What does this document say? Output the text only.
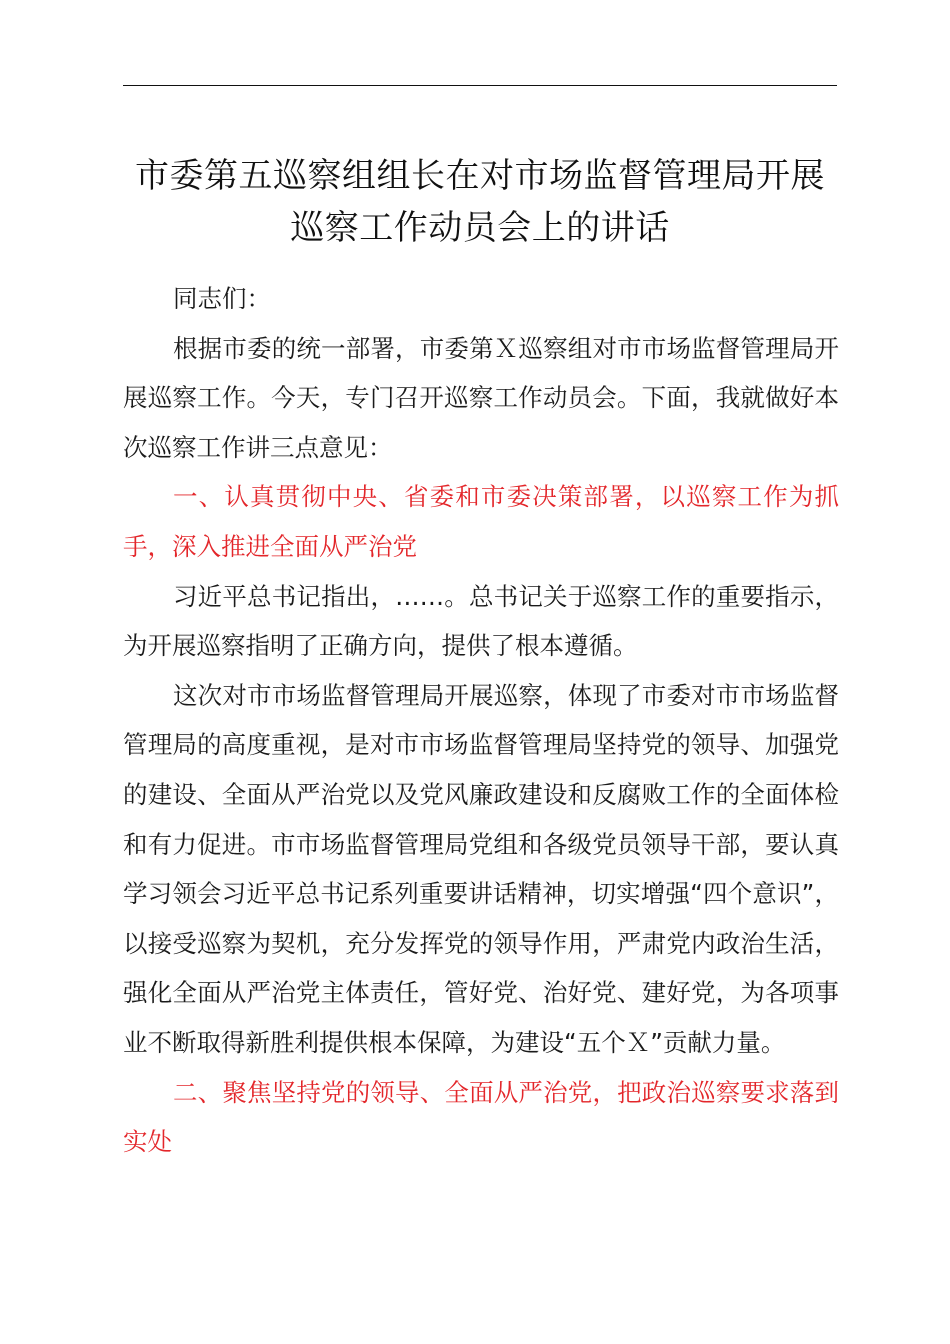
市委第五巡察组组长在对市场监督管理局开展
巡察工作动员会上的讲话

同志们：

根据市委的统一部署，市委第Ｘ巡察组对市市场监督管理局开展巡察工作。今天，专门召开巡察工作动员会。下面，我就做好本次巡察工作讲三点意见：

一、认真贯彻中央、省委和市委决策部署，以巡察工作为抓手，深入推进全面从严治党

习近平总书记指出，……。总书记关于巡察工作的重要指示，为开展巡察指明了正确方向，提供了根本遵循。

这次对市市场监督管理局开展巡察，体现了市委对市市场监督管理局的高度重视，是对市市场监督管理局坚持党的领导、加强党的建设、全面从严治党以及党风廉政建设和反腐败工作的全面体检和有力促进。市市场监督管理局党组和各级党员领导干部，要认真学习领会习近平总书记系列重要讲话精神，切实增强“四个意识”，以接受巡察为契机，充分发挥党的领导作用，严肃党内政治生活，强化全面从严治党主体责任，管好党、治好党、建好党，为各项事业不断取得新胜利提供根本保障，为建设“五个Ｘ”贡献力量。

二、聚焦坚持党的领导、全面从严治党，把政治巡察要求落到实处
